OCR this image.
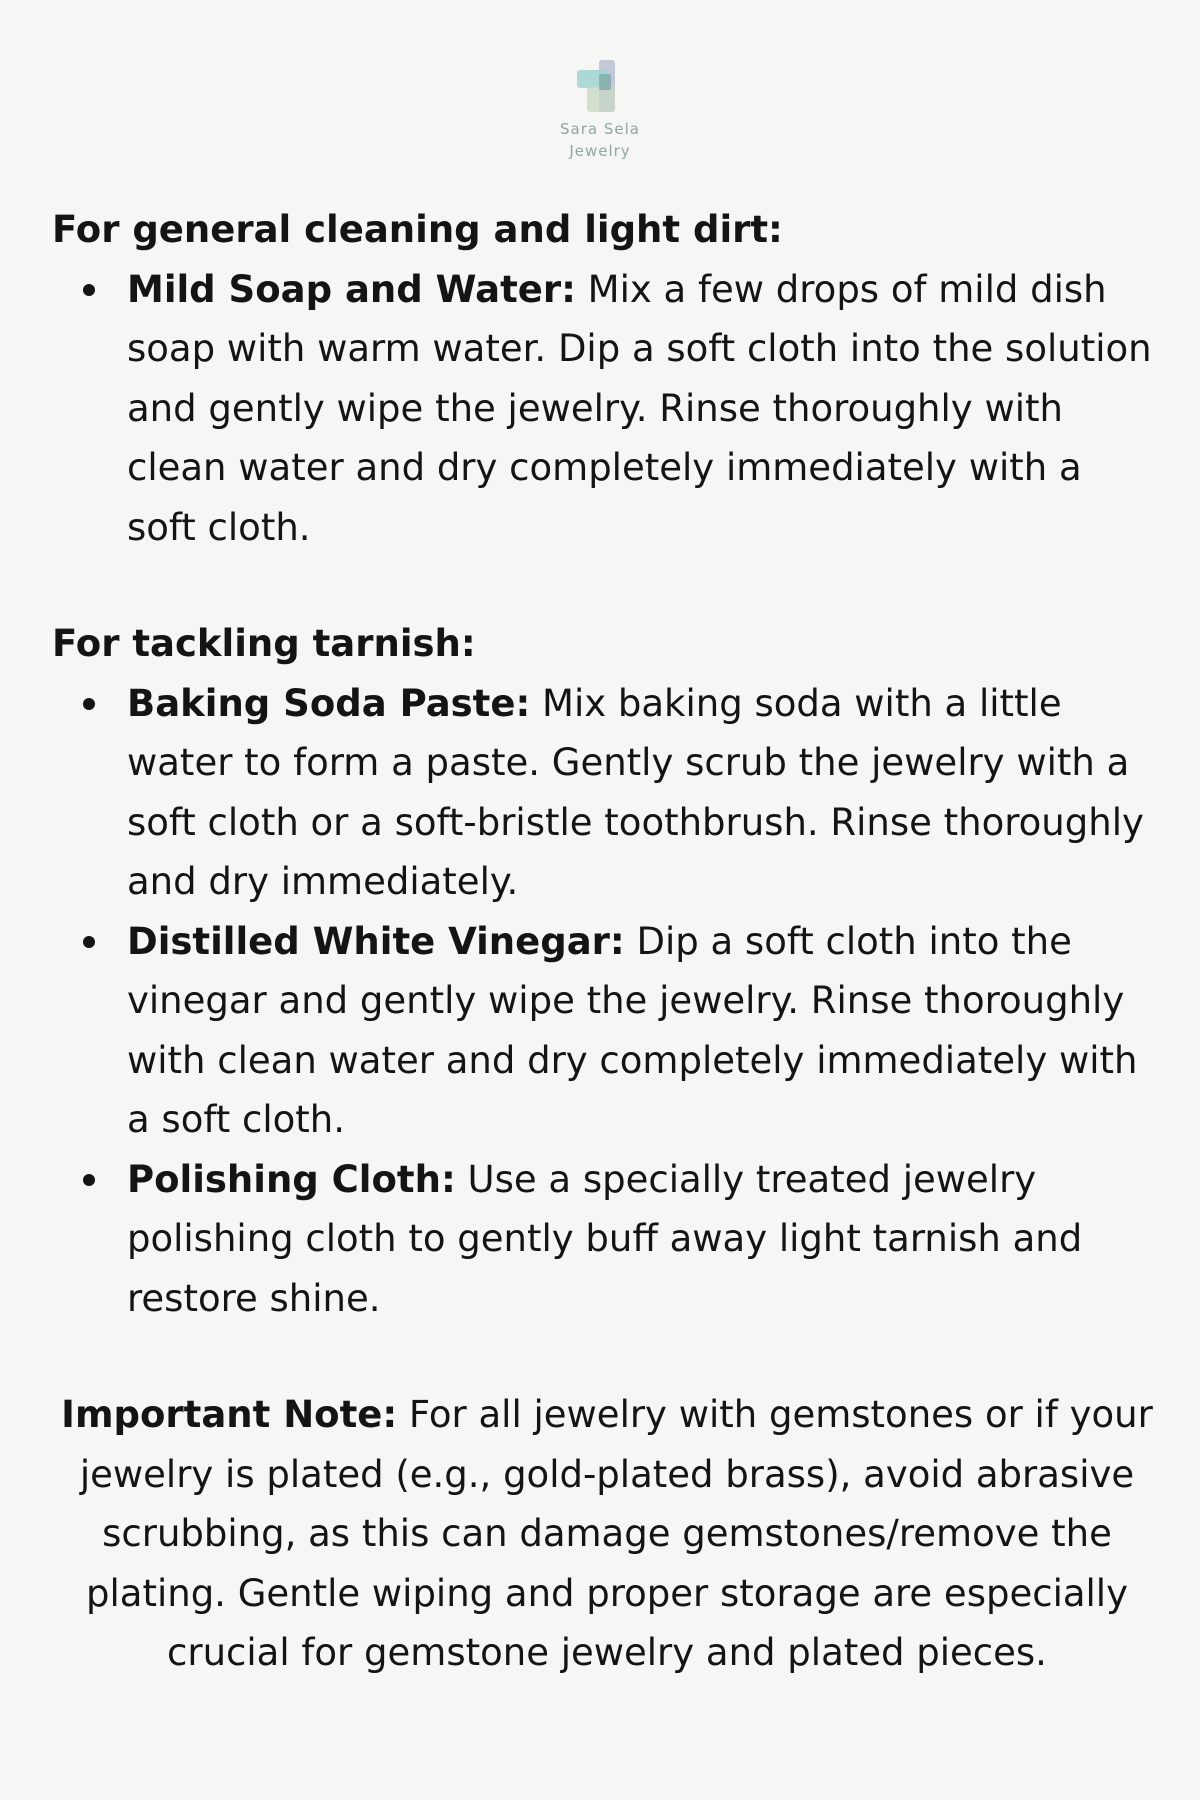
Sara Sela
Jewelry

For general cleaning and light dirt:

Mild Soap and Water: Mix a few drops of mild dish soap with warm water. Dip a soft cloth into the solution and gently wipe the jewelry. Rinse thoroughly with clean water and dry completely immediately with a soft cloth.

For tackling tarnish:

Baking Soda Paste: Mix baking soda with a little water to form a paste. Gently scrub the jewelry with a soft cloth or a soft-bristle toothbrush. Rinse thoroughly and dry immediately.
Distilled White Vinegar: Dip a soft cloth into the vinegar and gently wipe the jewelry. Rinse thoroughly with clean water and dry completely immediately with a soft cloth.
Polishing Cloth: Use a specially treated jewelry polishing cloth to gently buff away light tarnish and restore shine.
Important Note: For all jewelry with gemstones or if your jewelry is plated (e.g., gold-plated brass), avoid abrasive scrubbing, as this can damage gemstones/remove the plating. Gentle wiping and proper storage are especially crucial for gemstone jewelry and plated pieces.
